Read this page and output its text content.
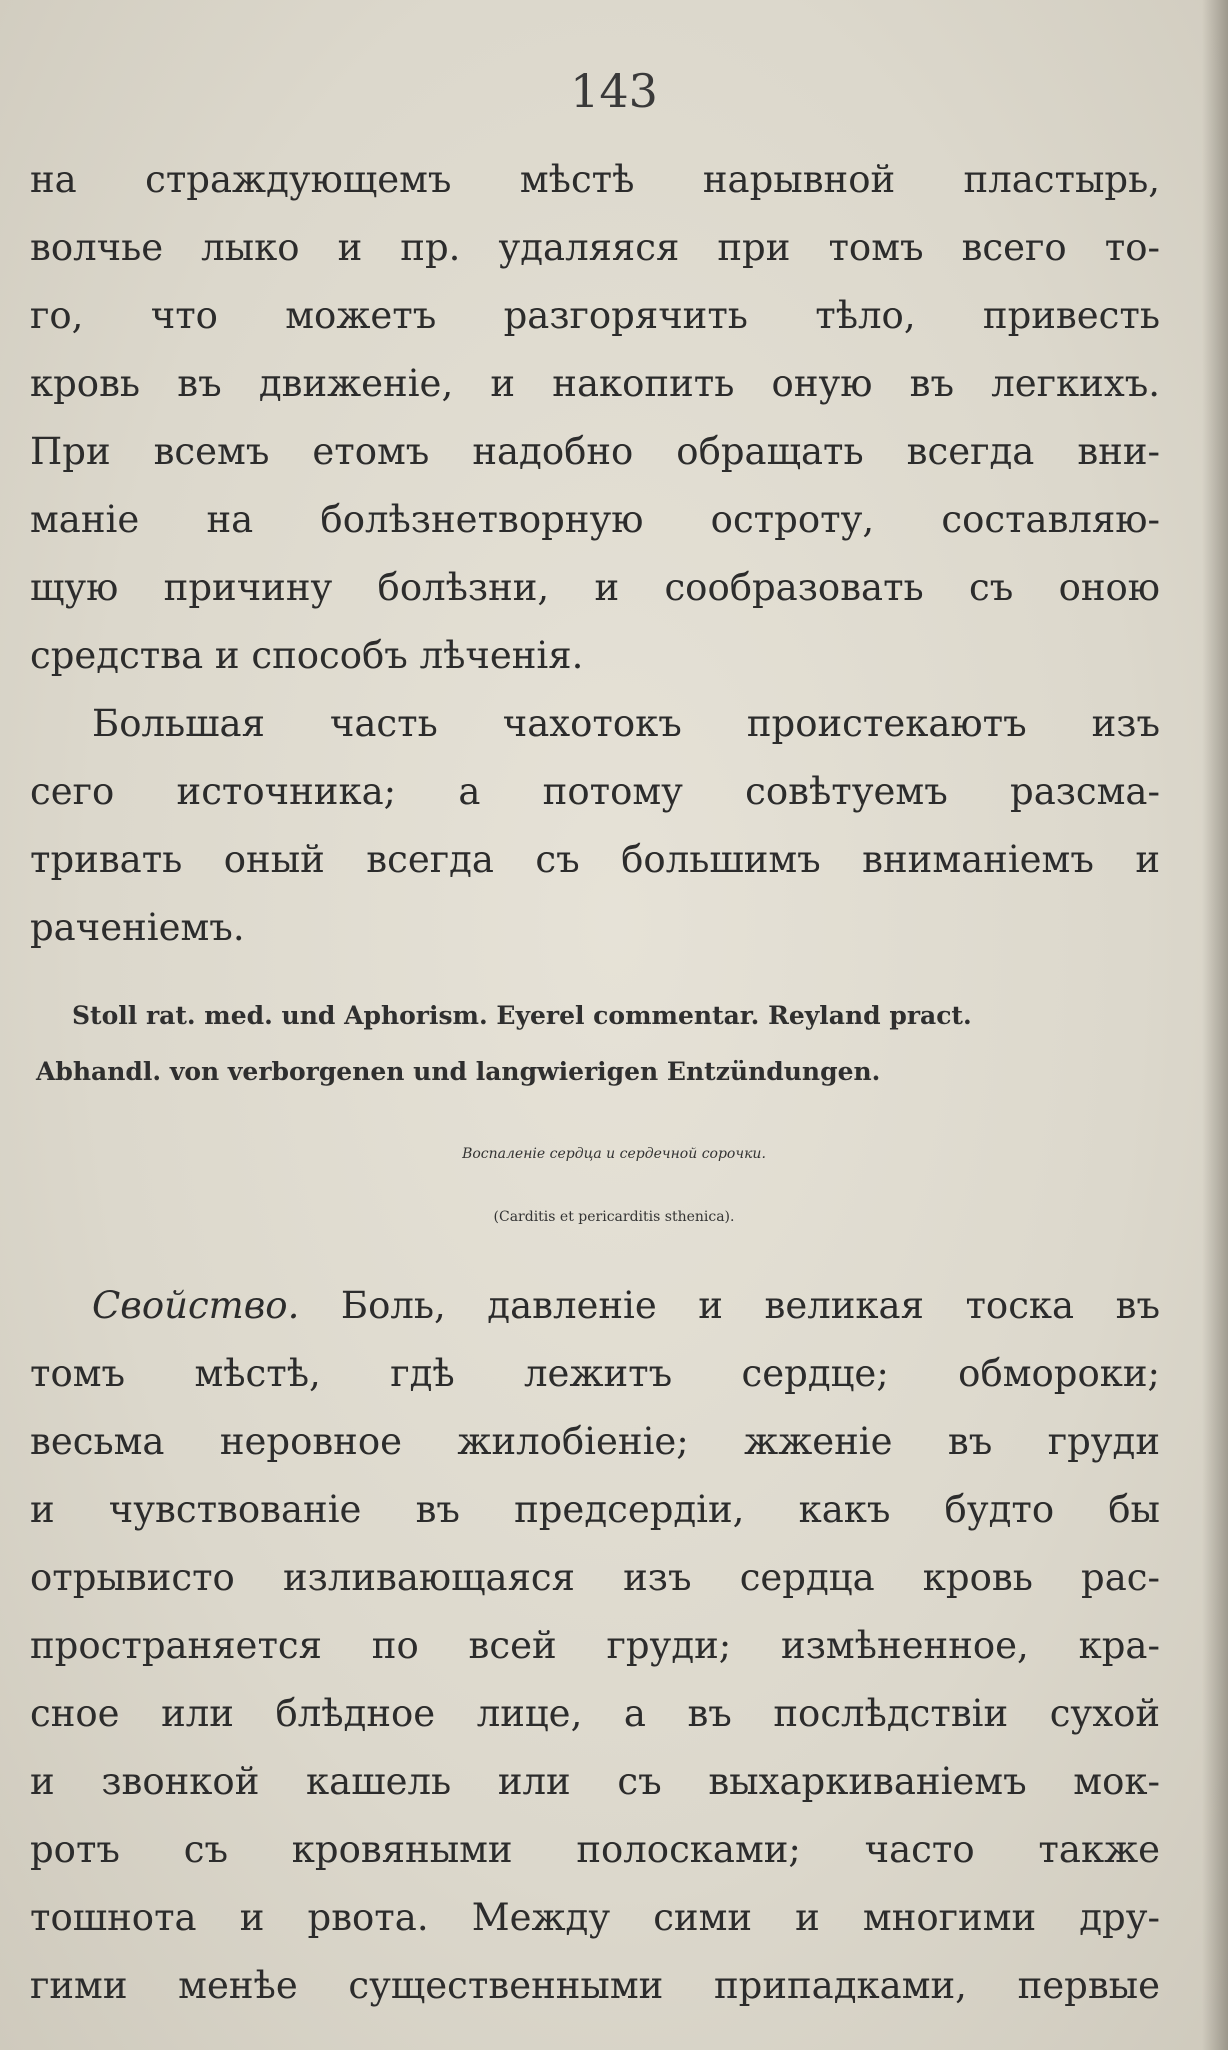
143
на страждующемъ мѣстѣ нарывной пластырь,
волчье лыко и пр. удаляяся при томъ всего то-
го, что можетъ разгорячить тѣло, привесть
кровь въ движеніе, и накопить оную въ легкихъ.
При всемъ етомъ надобно обращать всегда вни-
маніе на болѣзнетворную остроту, составляю-
щую причину болѣзни, и сообразовать съ оною
средства и способъ лѣченія.
Большая часть чахотокъ проистекаютъ изъ
сего источника; а потому совѣтуемъ разсма-
тривать оный всегда съ большимъ вниманіемъ и
раченіемъ.
Stoll rat. med. und Aphorism. Eyerel commentar. Reyland pract.
Abhandl. von verborgenen und langwierigen Entzündungen.
Воспаленіе сердца и сердечной сорочки.
(Carditis et pericarditis sthenica).
Свойство. Боль, давленіе и великая тоска въ
томъ мѣстѣ, гдѣ лежитъ сердце; обмороки;
весьма неровное жилобіеніе; жженіе въ груди
и чувствованіе въ предсердіи, какъ будто бы
отрывисто изливающаяся изъ сердца кровь рас-
пространяется по всей груди; измѣненное, кра-
сное или блѣдное лице, а въ послѣдствіи сухой
и звонкой кашель или съ выхаркиваніемъ мок-
ротъ съ кровяными полосками; часто также
тошнота и рвота. Между сими и многими дру-
гими менѣе существенными припадками, первые
